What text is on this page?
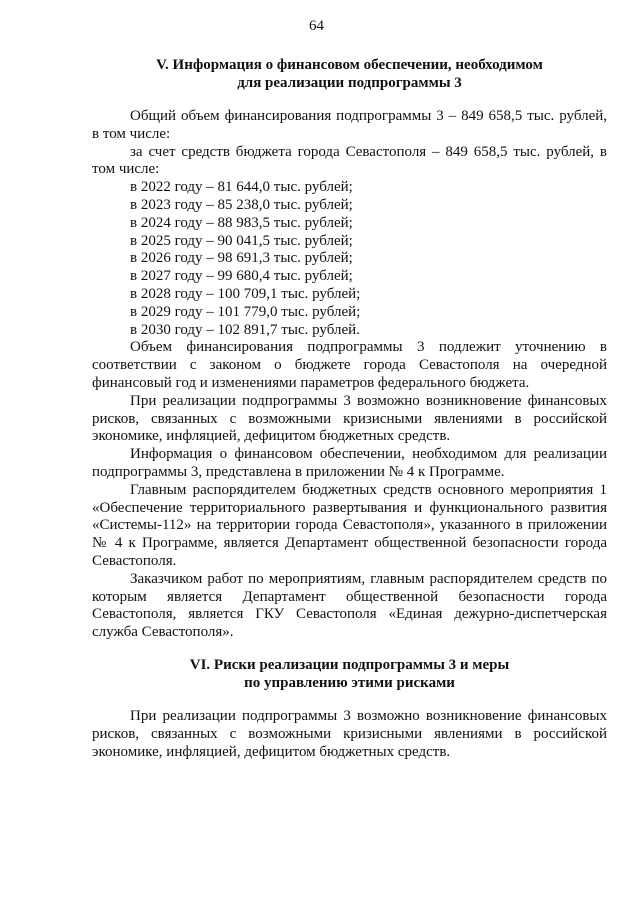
64

V. Информация о финансовом обеспечении, необходимом

для реализации подпрограммы 3

Общий объем финансирования подпрограммы 3 – 849 658,5 тыс. рублей, в том числе:

за счет средств бюджета города Севастополя – 849 658,5 тыс. рублей, в том числе:

в 2022 году – 81 644,0 тыс. рублей;

в 2023 году – 85 238,0 тыс. рублей;

в 2024 году – 88 983,5 тыс. рублей;

в 2025 году – 90 041,5 тыс. рублей;

в 2026 году – 98 691,3 тыс. рублей;

в 2027 году – 99 680,4 тыс. рублей;

в 2028 году – 100 709,1 тыс. рублей;

в 2029 году – 101 779,0 тыс. рублей;

в 2030 году – 102 891,7 тыс. рублей.

Объем финансирования подпрограммы 3 подлежит уточнению в соответствии с законом о бюджете города Севастополя на очередной финансовый год и изменениями параметров федерального бюджета.

При реализации подпрограммы 3 возможно возникновение финансовых рисков, связанных с возможными кризисными явлениями в российской экономике, инфляцией, дефицитом бюджетных средств.

Информация о финансовом обеспечении, необходимом для реализации подпрограммы 3, представлена в приложении № 4 к Программе.

Главным распорядителем бюджетных средств основного мероприятия 1 «Обеспечение территориального развертывания и функционального развития «Системы-112» на территории города Севастополя», указанного в приложении № 4 к Программе, является Департамент общественной безопасности города Севастополя.

Заказчиком работ по мероприятиям, главным распорядителем средств по которым является Департамент общественной безопасности города Севастополя, является ГКУ Севастополя «Единая дежурно-диспетчерская служба Севастополя».

VI. Риски реализации подпрограммы 3 и меры

по управлению этими рисками

При реализации подпрограммы 3 возможно возникновение финансовых рисков, связанных с возможными кризисными явлениями в российской экономике, инфляцией, дефицитом бюджетных средств.
